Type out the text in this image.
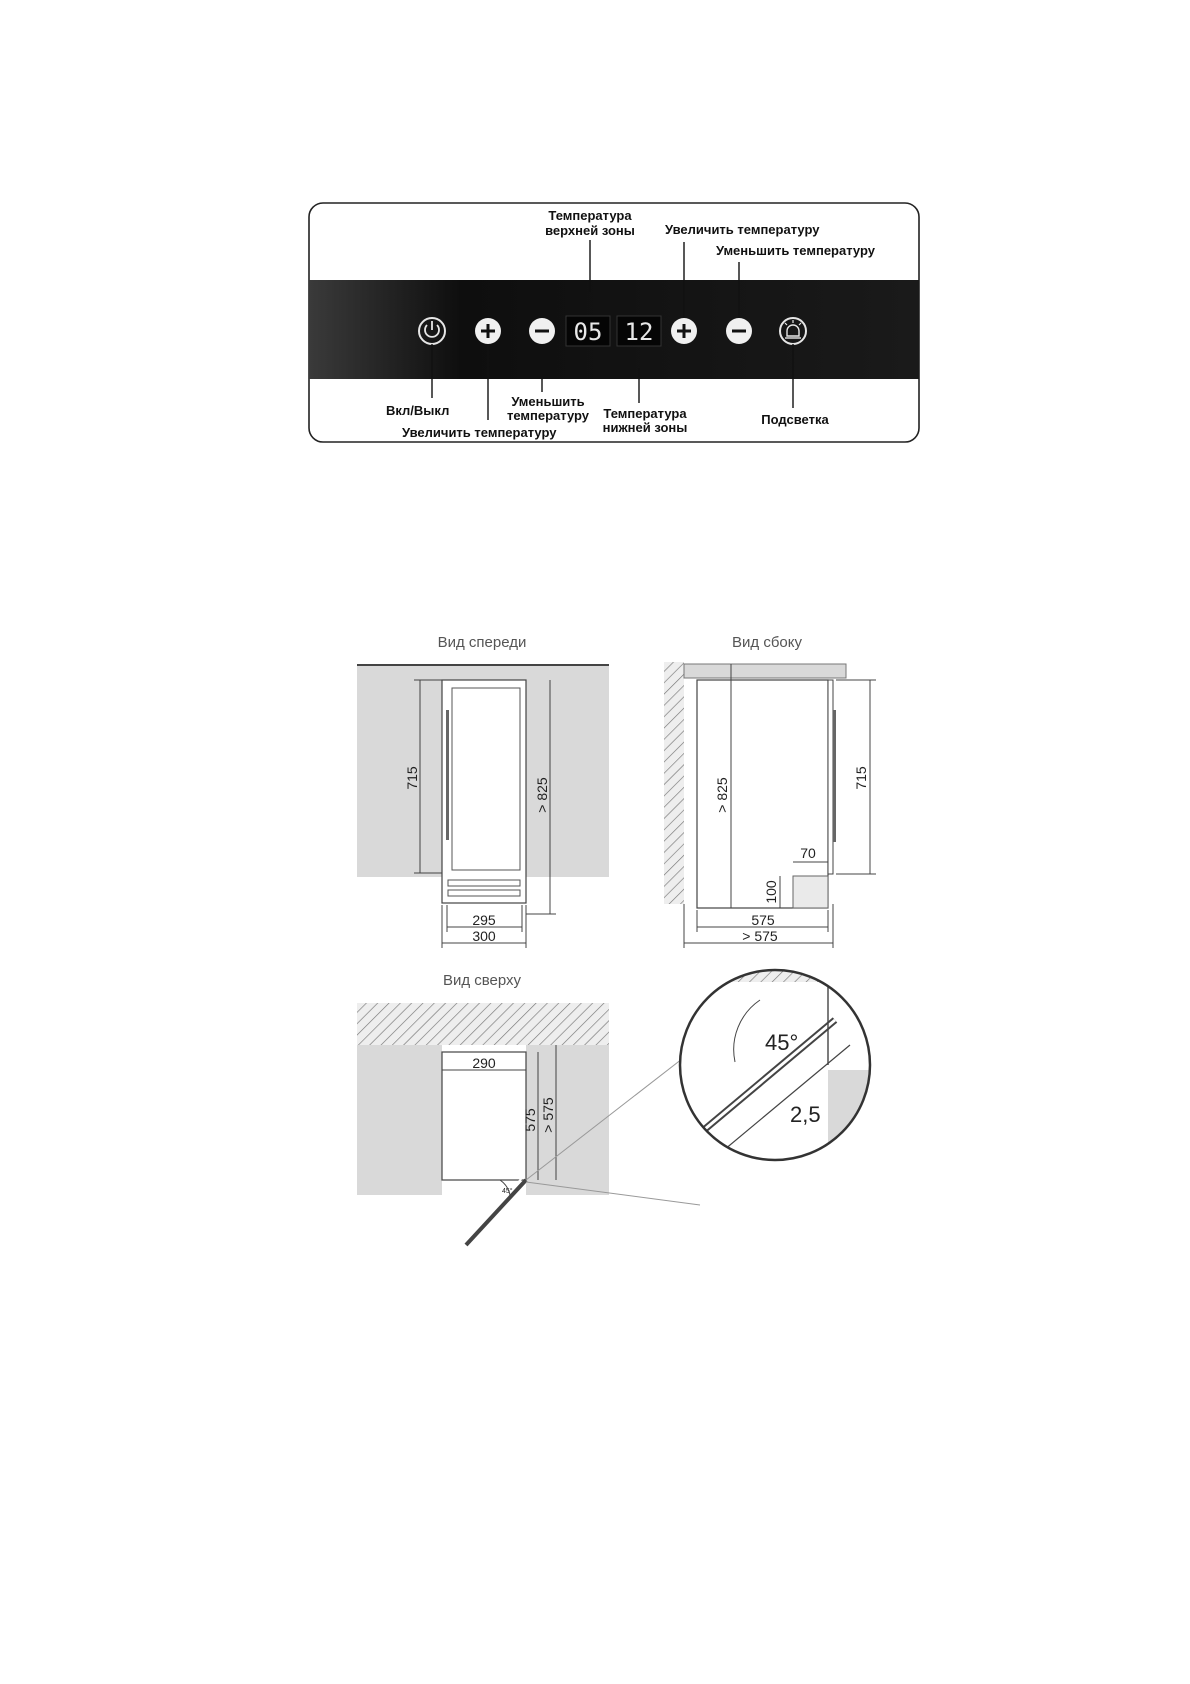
05 12
Температура
верхней зоны Увеличить температуру
Уменьшить температуру
Вкл/Выкл
Увеличить температуру
Уменьшить
температуру Температура
нижней зоны
Подсветка
Вид спереди
715	> 825
295
300
Вид сбоку
> 825	715
70
100
575
> 575
Вид сверху
290
575 > 575
45°
45°
2,5
